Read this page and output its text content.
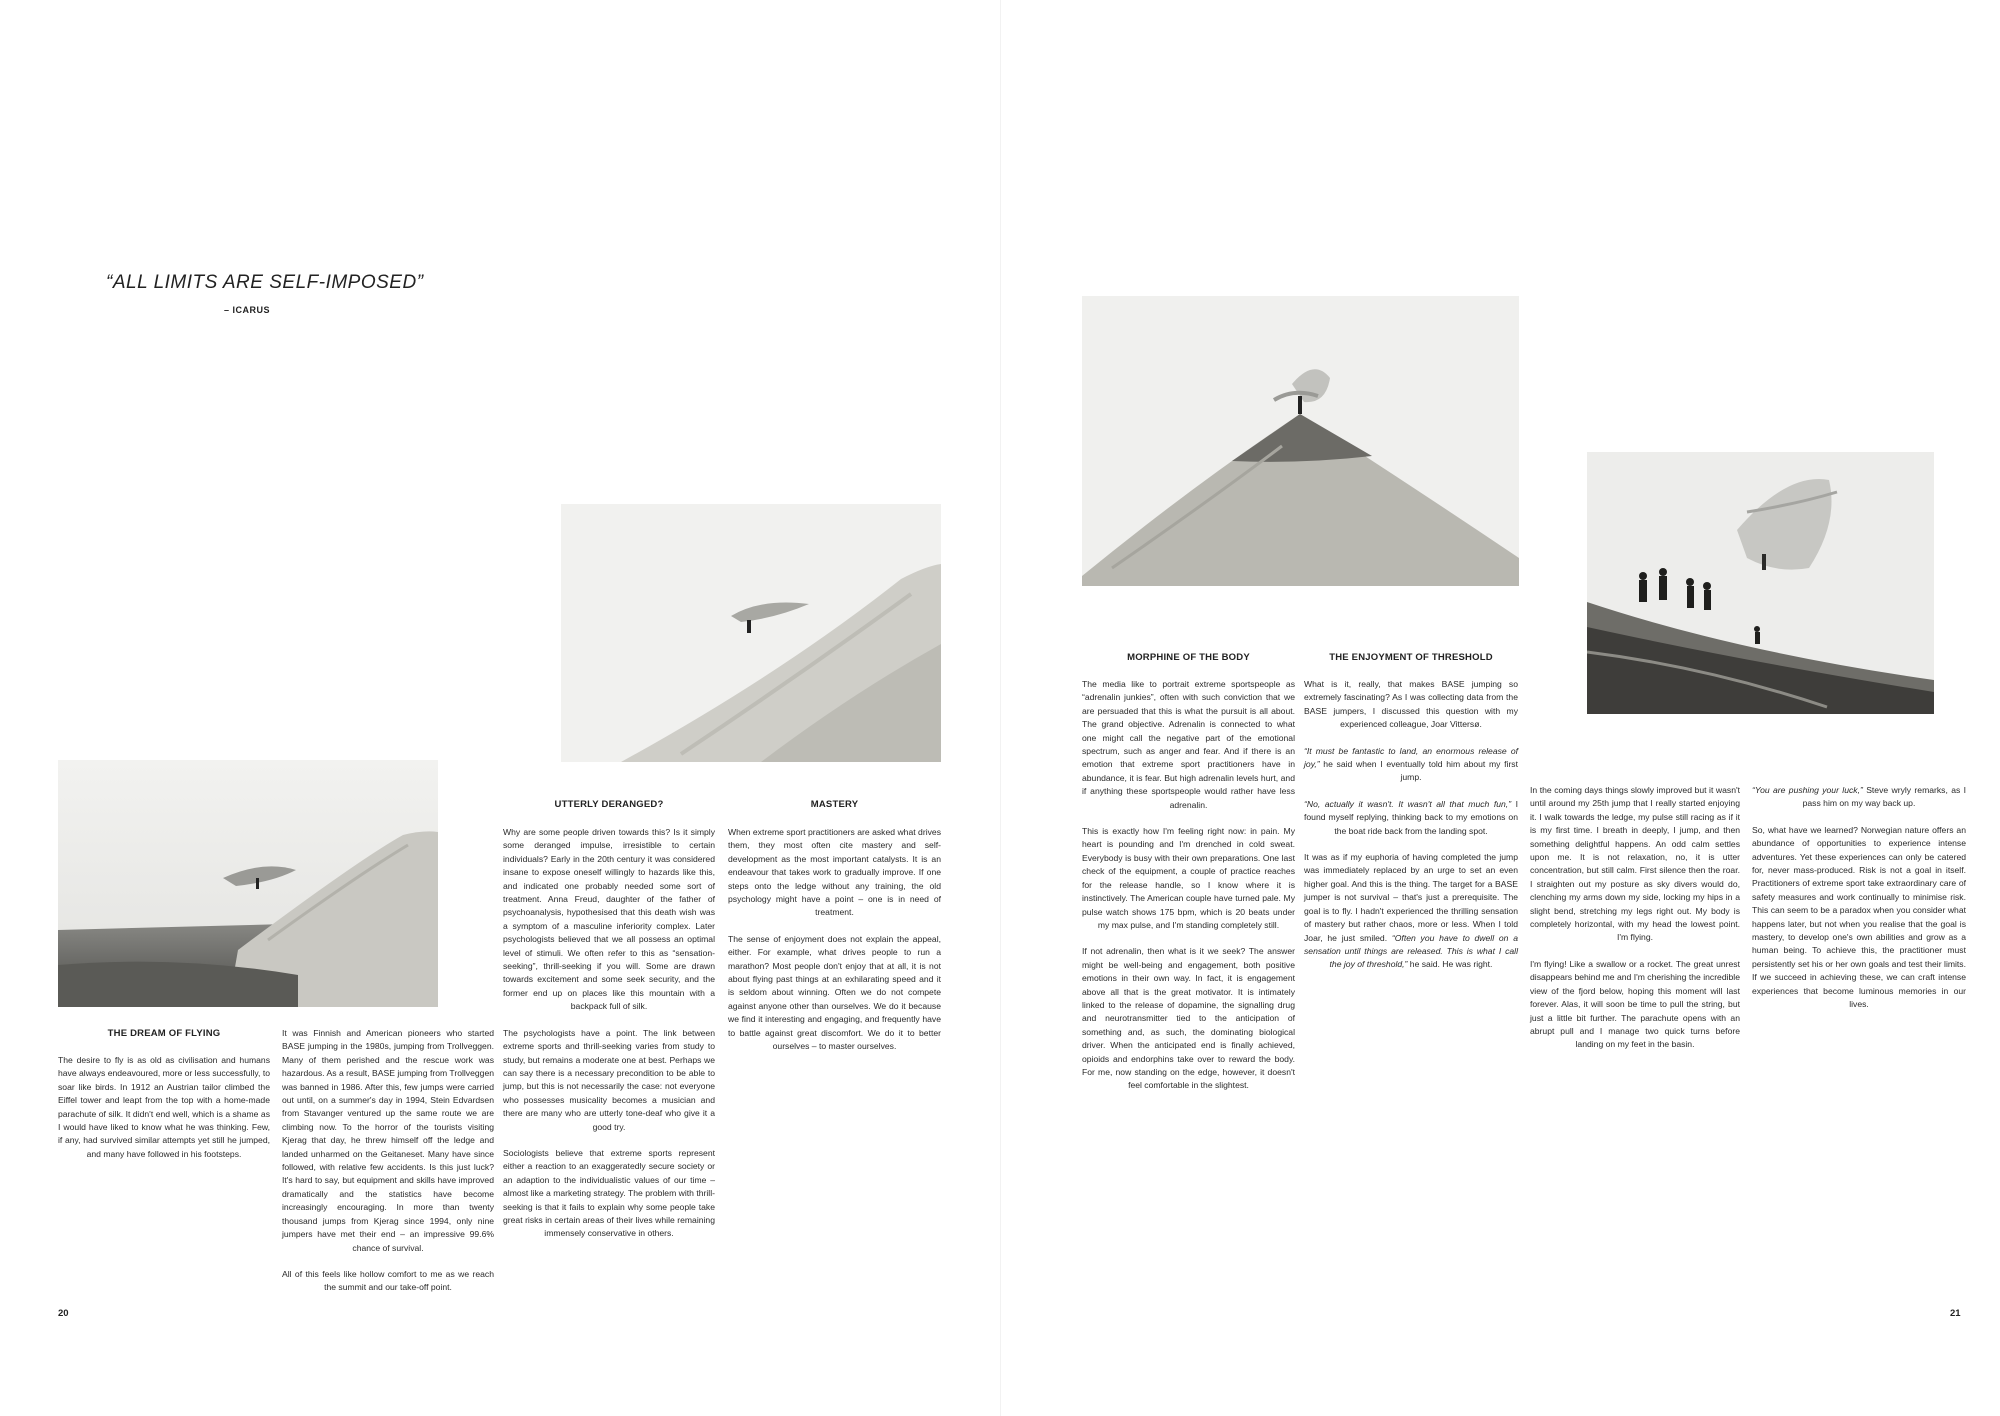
“ALL LIMITS ARE SELF-IMPOSED”
– ICARUS
THE DREAM OF FLYING
UTTERLY DERANGED?	MASTERY
MORPHINE OF THE BODY	THE ENJOYMENT OF THRESHOLD

The desire to fly is as old as civilisation and humans have always endeavoured, more or less successfully, to soar like birds. In 1912 an Austrian tailor climbed the Eiffel tower and leapt from the top with a home-made parachute of silk. It didn't end well, which is a shame as I would have liked to know what he was thinking. Few, if any, had survived similar attempts yet still he jumped, and many have followed in his footsteps.

It was Finnish and American pioneers who started BASE jumping in the 1980s, jumping from Trollveggen. Many of them perished and the rescue work was hazardous. As a result, BASE jumping from Trollveggen was banned in 1986. After this, few jumps were carried out until, on a summer's day in 1994, Stein Edvardsen from Stavanger ventured up the same route we are climbing now. To the horror of the tourists visiting Kjerag that day, he threw himself off the ledge and landed unharmed on the Geitaneset. Many have since followed, with relative few accidents. Is this just luck? It's hard to say, but equipment and skills have improved dramatically and the statistics have become increasingly encouraging. In more than twenty thousand jumps from Kjerag since 1994, only nine jumpers have met their end – an impressive 99.6% chance of survival.

All of this feels like hollow comfort to me as we reach the summit and our take-off point.

Why are some people driven towards this? Is it simply some deranged impulse, irresistible to certain individuals? Early in the 20th century it was considered insane to expose oneself willingly to hazards like this, and indicated one probably needed some sort of treatment. Anna Freud, daughter of the father of psychoanalysis, hypothesised that this death wish was a symptom of a masculine inferiority complex. Later psychologists believed that we all possess an optimal level of stimuli. We often refer to this as “sensation-seeking”, thrill-seeking if you will. Some are drawn towards excitement and some seek security, and the former end up on places like this mountain with a backpack full of silk.

The psychologists have a point. The link between extreme sports and thrill-seeking varies from study to study, but remains a moderate one at best. Perhaps we can say there is a necessary precondition to be able to jump, but this is not necessarily the case: not everyone who possesses musicality becomes a musician and there are many who are utterly tone-deaf who give it a good try.

Sociologists believe that extreme sports represent either a reaction to an exaggeratedly secure society or an adaption to the individualistic values of our time – almost like a marketing strategy. The problem with thrill-seeking is that it fails to explain why some people take great risks in certain areas of their lives while remaining immensely conservative in others.

When extreme sport practitioners are asked what drives them, they most often cite mastery and self-development as the most important catalysts. It is an endeavour that takes work to gradually improve. If one steps onto the ledge without any training, the old psychology might have a point – one is in need of treatment.

The sense of enjoyment does not explain the appeal, either. For example, what drives people to run a marathon? Most people don't enjoy that at all, it is not about flying past things at an exhilarating speed and it is seldom about winning. Often we do not compete against anyone other than ourselves. We do it because we find it interesting and engaging, and frequently have to battle against great discomfort. We do it to better ourselves – to master ourselves.

The media like to portrait extreme sportspeople as “adrenalin junkies”, often with such conviction that we are persuaded that this is what the pursuit is all about. The grand objective. Adrenalin is connected to what one might call the negative part of the emotional spectrum, such as anger and fear. And if there is an emotion that extreme sport practitioners have in abundance, it is fear. But high adrenalin levels hurt, and if anything these sportspeople would rather have less adrenalin.

This is exactly how I'm feeling right now: in pain. My heart is pounding and I'm drenched in cold sweat. Everybody is busy with their own preparations. One last check of the equipment, a couple of practice reaches for the release handle, so I know where it is instinctively. The American couple have turned pale. My pulse watch shows 175 bpm, which is 20 beats under my max pulse, and I'm standing completely still.

If not adrenalin, then what is it we seek? The answer might be well-being and engagement, both positive emotions in their own way. In fact, it is engagement above all that is the great motivator. It is intimately linked to the release of dopamine, the signalling drug and neurotransmitter tied to the anticipation of something and, as such, the dominating biological driver. When the anticipated end is finally achieved, opioids and endorphins take over to reward the body. For me, now standing on the edge, however, it doesn't feel comfortable in the slightest.

What is it, really, that makes BASE jumping so extremely fascinating? As I was collecting data from the BASE jumpers, I discussed this question with my experienced colleague, Joar Vittersø.

“It must be fantastic to land, an enormous release of joy,” he said when I eventually told him about my first jump.

“No, actually it wasn't. It wasn't all that much fun,” I found myself replying, thinking back to my emotions on the boat ride back from the landing spot.

It was as if my euphoria of having completed the jump was immediately replaced by an urge to set an even higher goal. And this is the thing. The target for a BASE jumper is not survival – that's just a prerequisite. The goal is to fly. I hadn't experienced the thrilling sensation of mastery but rather chaos, more or less. When I told Joar, he just smiled. “Often you have to dwell on a sensation until things are released. This is what I call the joy of threshold,” he said. He was right.

In the coming days things slowly improved but it wasn't until around my 25th jump that I really started enjoying it. I walk towards the ledge, my pulse still racing as if it is my first time. I breath in deeply, I jump, and then something delightful happens. An odd calm settles upon me. It is not relaxation, no, it is utter concentration, but still calm. First silence then the roar. I straighten out my posture as sky divers would do, clenching my arms down my side, locking my hips in a slight bend, stretching my legs right out. My body is completely horizontal, with my head the lowest point. I'm flying.

I'm flying! Like a swallow or a rocket. The great unrest disappears behind me and I'm cherishing the incredible view of the fjord below, hoping this moment will last forever. Alas, it will soon be time to pull the string, but just a little bit further. The parachute opens with an abrupt pull and I manage two quick turns before landing on my feet in the basin.

“You are pushing your luck,” Steve wryly remarks, as I pass him on my way back up.

So, what have we learned? Norwegian nature offers an abundance of opportunities to experience intense adventures. Yet these experiences can only be catered for, never mass-produced. Risk is not a goal in itself. Practitioners of extreme sport take extraordinary care of safety measures and work continually to minimise risk. This can seem to be a paradox when you consider what happens later, but not when you realise that the goal is mastery, to develop one's own abilities and grow as a human being. To achieve this, the practitioner must persistently set his or her own goals and test their limits. If we succeed in achieving these, we can craft intense experiences that become luminous memories in our lives.

20	21
